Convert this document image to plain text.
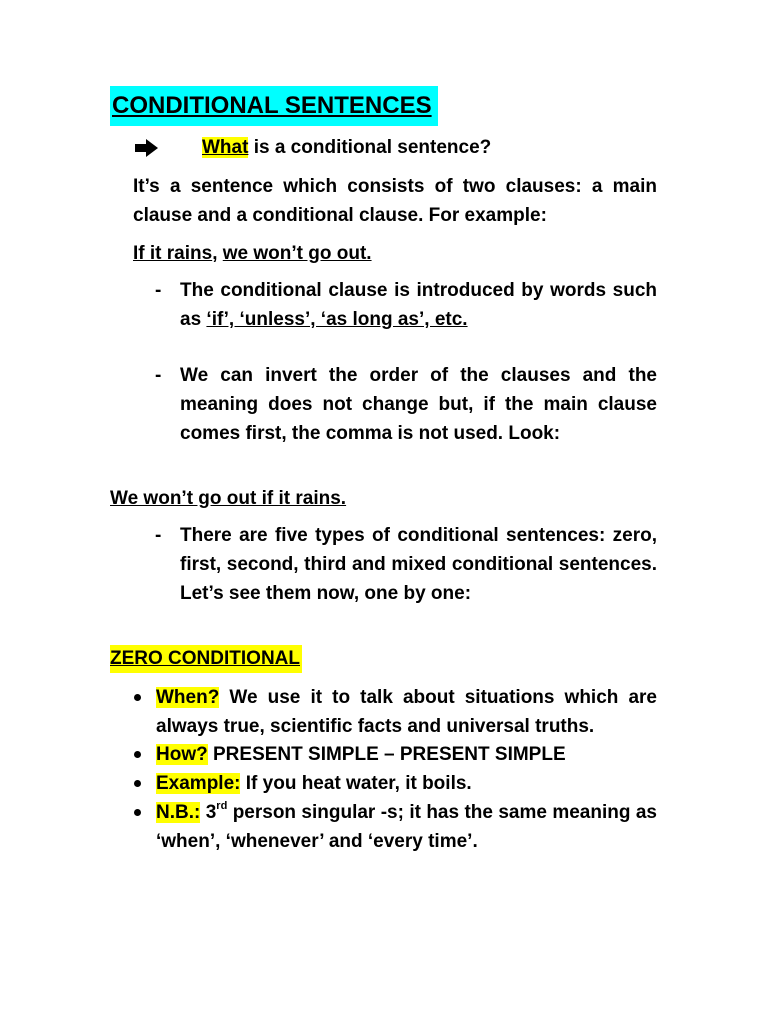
CONDITIONAL SENTENCES
What is a conditional sentence?
It’s a sentence which consists of two clauses: a main clause and a conditional clause. For example:
If it rains, we won’t go out.
- The conditional clause is introduced by words such as ‘if’, ‘unless’, ‘as long as’, etc.
- We can invert the order of the clauses and the meaning does not change but, if the main clause comes first, the comma is not used. Look:
We won’t go out if it rains.
- There are five types of conditional sentences: zero, first, second, third and mixed conditional sentences. Let’s see them now, one by one:
ZERO CONDITIONAL
When? We use it to talk about situations which are always true, scientific facts and universal truths.
How? PRESENT SIMPLE – PRESENT SIMPLE
Example: If you heat water, it boils.
N.B.: 3rd person singular -s; it has the same meaning as ‘when’, ‘whenever’ and ‘every time’.
